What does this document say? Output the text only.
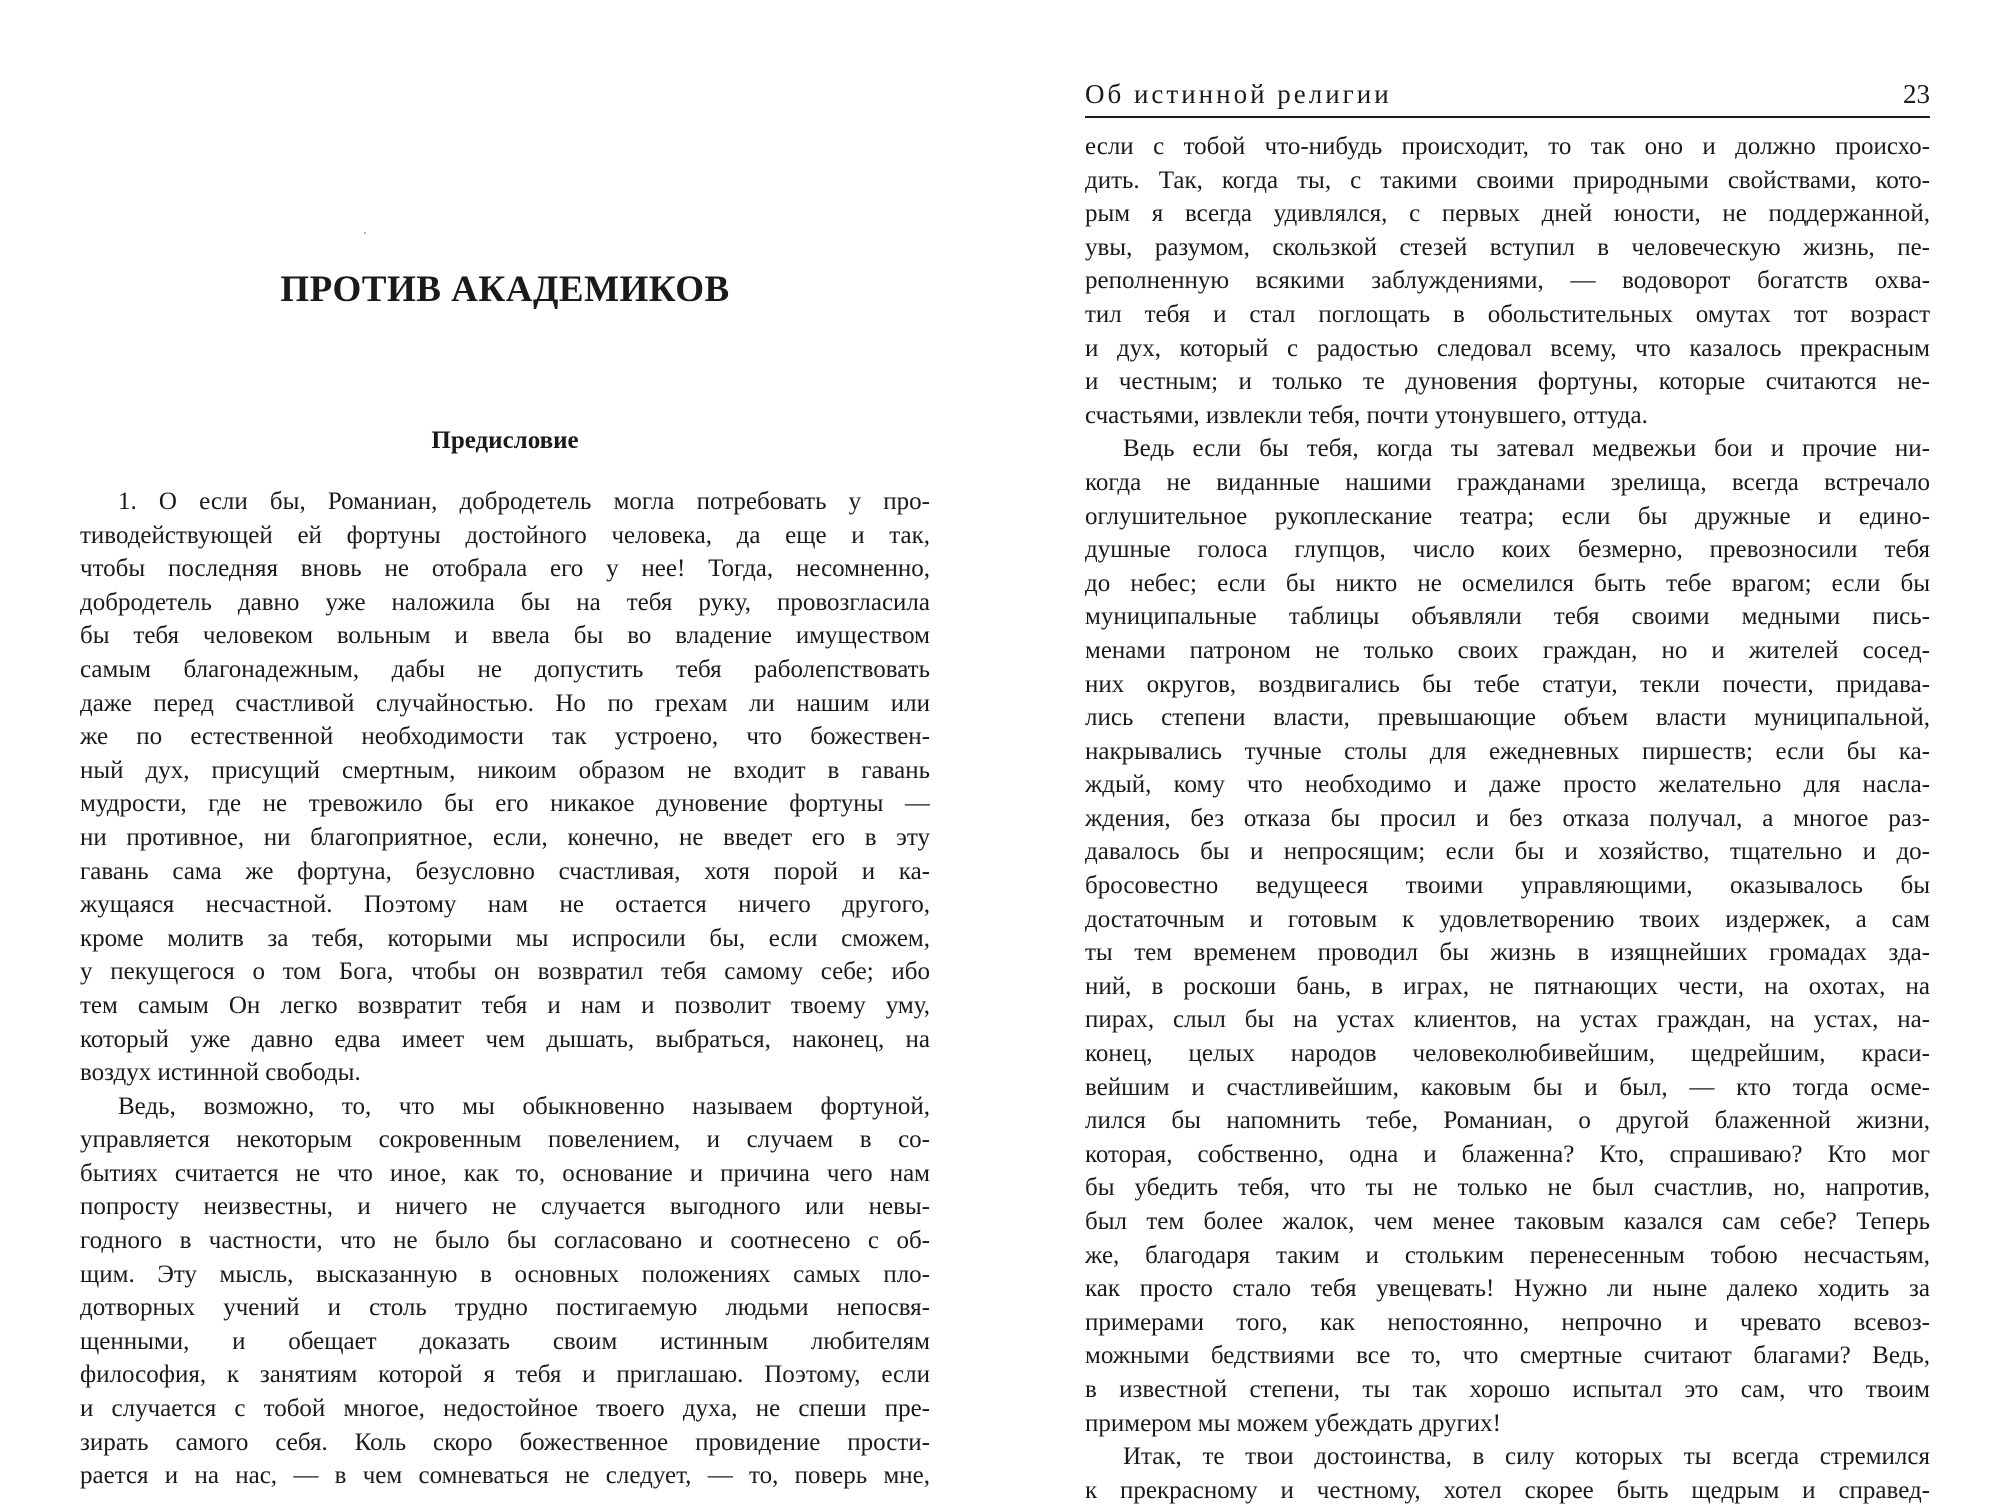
ПРОТИВ АКАДЕМИКОВ
Предисловие
1. О если бы, Романиан, добродетель могла потребовать у про-
тиводействующей ей фортуны достойного человека, да еще и так,
чтобы последняя вновь не отобрала его у нее! Тогда, несомненно,
добродетель давно уже наложила бы на тебя руку, провозгласила
бы тебя человеком вольным и ввела бы во владение имуществом
самым благонадежным, дабы не допустить тебя раболепствовать
даже перед счастливой случайностью. Но по грехам ли нашим или
же по естественной необходимости так устроено, что божествен-
ный дух, присущий смертным, никоим образом не входит в гавань
мудрости, где не тревожило бы его никакое дуновение фортуны —
ни противное, ни благоприятное, если, конечно, не введет его в эту
гавань сама же фортуна, безусловно счастливая, хотя порой и ка-
жущаяся несчастной. Поэтому нам не остается ничего другого,
кроме молитв за тебя, которыми мы испросили бы, если сможем,
у пекущегося о том Бога, чтобы он возвратил тебя самому себе; ибо
тем самым Он легко возвратит тебя и нам и позволит твоему уму,
который уже давно едва имеет чем дышать, выбраться, наконец, на
воздух истинной свободы.
Ведь, возможно, то, что мы обыкновенно называем фортуной,
управляется некоторым сокровенным повелением, и случаем в со-
бытиях считается не что иное, как то, основание и причина чего нам
попросту неизвестны, и ничего не случается выгодного или невы-
годного в частности, что не было бы согласовано и соотнесено с об-
щим. Эту мысль, высказанную в основных положениях самых пло-
дотворных учений и столь трудно постигаемую людьми непосвя-
щенными, и обещает доказать своим истинным любителям
философия, к занятиям которой я тебя и приглашаю. Поэтому, если
и случается с тобой многое, недостойное твоего духа, не спеши пре-
зирать самого себя. Коль скоро божественное провидение прости-
рается и на нас, — в чем сомневаться не следует, — то, поверь мне,
Об истинной религии	23
если с тобой что-нибудь происходит, то так оно и должно происхо-
дить. Так, когда ты, с такими своими природными свойствами, кото-
рым я всегда удивлялся, с первых дней юности, не поддержанной,
увы, разумом, скользкой стезей вступил в человеческую жизнь, пе-
реполненную всякими заблуждениями, — водоворот богатств охва-
тил тебя и стал поглощать в обольстительных омутах тот возраст
и дух, который с радостью следовал всему, что казалось прекрасным
и честным; и только те дуновения фортуны, которые считаются не-
счастьями, извлекли тебя, почти утонувшего, оттуда.
Ведь если бы тебя, когда ты затевал медвежьи бои и прочие ни-
когда не виданные нашими гражданами зрелища, всегда встречало
оглушительное рукоплескание театра; если бы дружные и едино-
душные голоса глупцов, число коих безмерно, превозносили тебя
до небес; если бы никто не осмелился быть тебе врагом; если бы
муниципальные таблицы объявляли тебя своими медными пись-
менами патроном не только своих граждан, но и жителей сосед-
них округов, воздвигались бы тебе статуи, текли почести, придава-
лись степени власти, превышающие объем власти муниципальной,
накрывались тучные столы для ежедневных пиршеств; если бы ка-
ждый, кому что необходимо и даже просто желательно для насла-
ждения, без отказа бы просил и без отказа получал, а многое раз-
давалось бы и непросящим; если бы и хозяйство, тщательно и до-
бросовестно ведущееся твоими управляющими, оказывалось бы
достаточным и готовым к удовлетворению твоих издержек, а сам
ты тем временем проводил бы жизнь в изящнейших громадах зда-
ний, в роскоши бань, в играх, не пятнающих чести, на охотах, на
пирах, слыл бы на устах клиентов, на устах граждан, на устах, на-
конец, целых народов человеколюбивейшим, щедрейшим, краси-
вейшим и счастливейшим, каковым бы и был, — кто тогда осме-
лился бы напомнить тебе, Романиан, о другой блаженной жизни,
которая, собственно, одна и блаженна? Кто, спрашиваю? Кто мог
бы убедить тебя, что ты не только не был счастлив, но, напротив,
был тем более жалок, чем менее таковым казался сам себе? Теперь
же, благодаря таким и стольким перенесенным тобою несчастьям,
как просто стало тебя увещевать! Нужно ли ныне далеко ходить за
примерами того, как непостоянно, непрочно и чревато всевоз-
можными бедствиями все то, что смертные считают благами? Ведь,
в известной степени, ты так хорошо испытал это сам, что твоим
примером мы можем убеждать других!
Итак, те твои достоинства, в силу которых ты всегда стремился
к прекрасному и честному, хотел скорее быть щедрым и справед-
